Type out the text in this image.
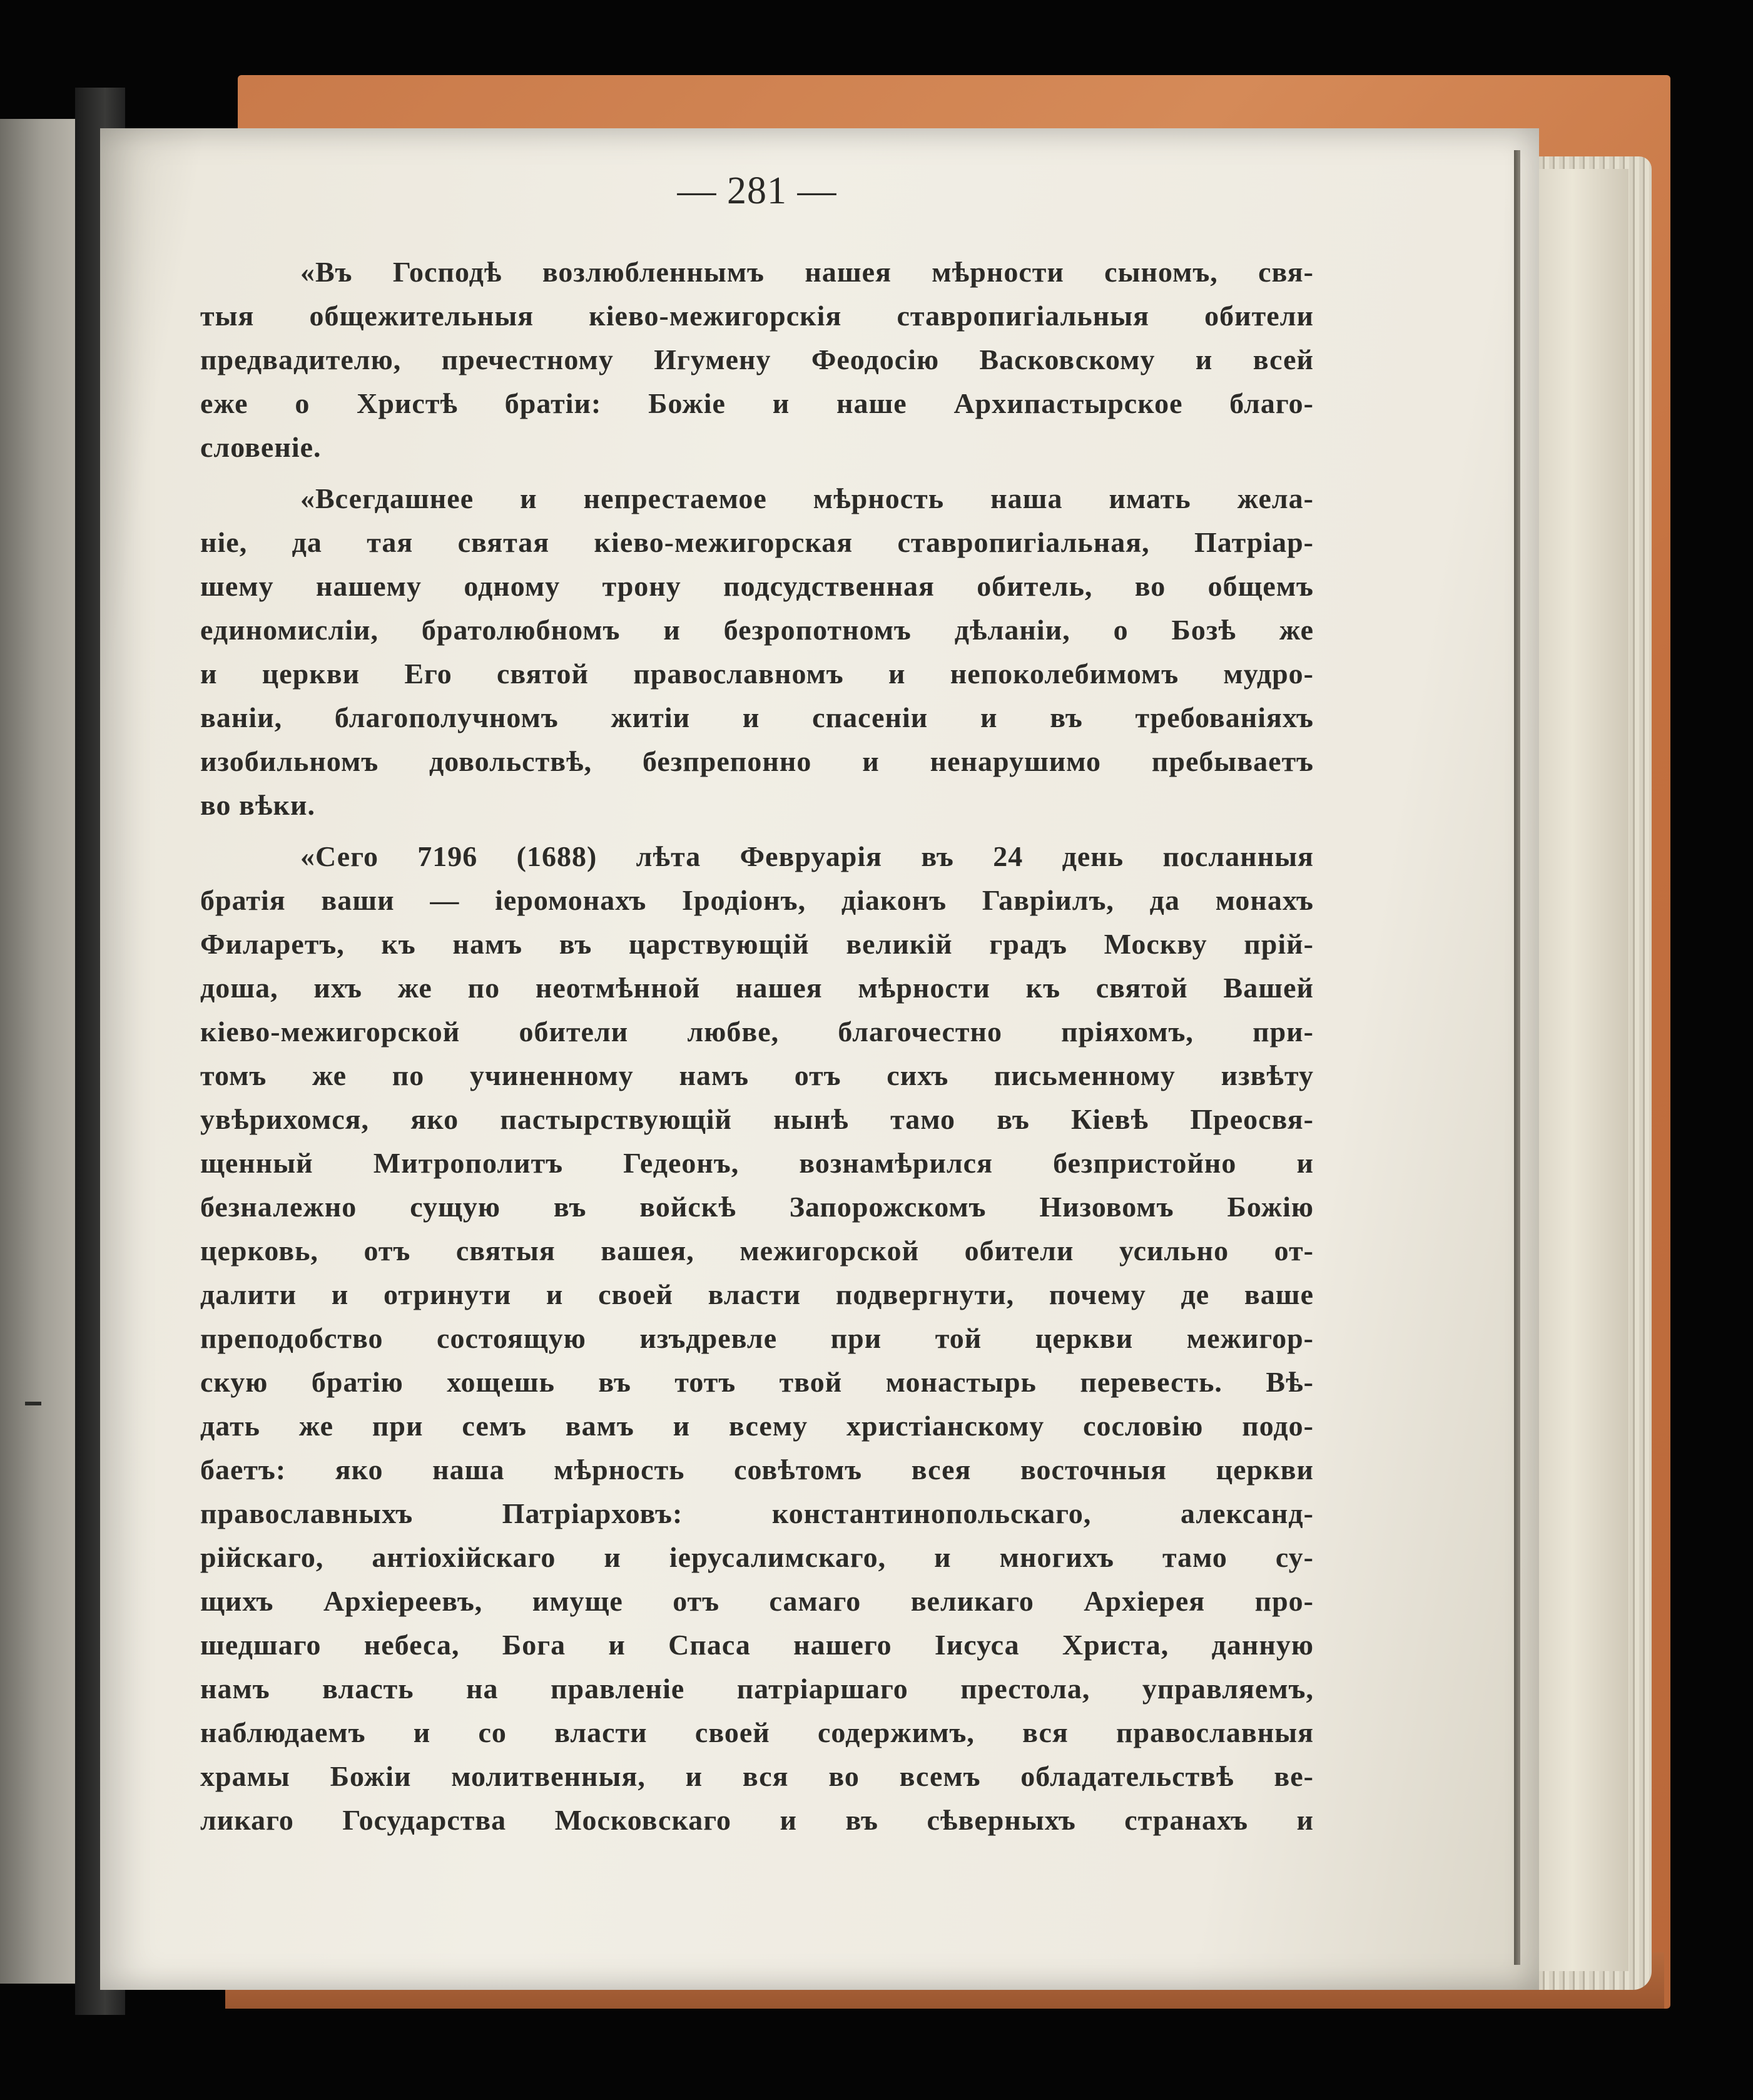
— 281 —
«Въ Господѣ возлюбленнымъ нашея мѣрности сыномъ, свя-
тыя общежительныя кіево-межигорскія ставропигіальныя обители
предвадителю, пречестному Игумену Феодосію Васковскому и всей
еже о Христѣ братіи: Божіе и наше Архипастырское благо-
словеніе.
«Всегдашнее и непрестаемое мѣрность наша имать жела-
ніе, да тая святая кіево-межигорская ставропигіальная, Патріар-
шему нашему одному трону подсудственная обитель, во общемъ
единомисліи, братолюбномъ и безропотномъ дѣланіи, о Бозѣ же
и церкви Его святой православномъ и непоколебимомъ мудро-
ваніи, благополучномъ житіи и спасеніи и въ требованіяхъ
изобильномъ довольствѣ, безпрепонно и ненарушимо пребываетъ
во вѣки.
«Сего 7196 (1688) лѣта Февруарія въ 24 день посланныя
братія ваши — іеромонахъ Іродіонъ, діаконъ Гавріилъ, да монахъ
Филаретъ, къ намъ въ царствующій великій градъ Москву прій-
доша, ихъ же по неотмѣнной нашея мѣрности къ святой Вашей
кіево-межигорской обители любве, благочестно пріяхомъ, при-
томъ же по учиненному намъ отъ сихъ письменному извѣту
увѣрихомся, яко пастырствующій нынѣ тамо въ Кіевѣ Преосвя-
щенный Митрополитъ Гедеонъ, вознамѣрился безпристойно и
безналежно сущую въ войскѣ Запорожскомъ Низовомъ Божію
церковь, отъ святыя вашея, межигорской обители усильно от-
далити и отринути и своей власти подвергнути, почему де ваше
преподобство состоящую изъдревле при той церкви межигор-
скую братію хощешь въ тотъ твой монастырь перевесть. Вѣ-
дать же при семъ вамъ и всему христіанскому сословію подо-
баетъ: яко наша мѣрность совѣтомъ всея восточныя церкви
православныхъ Патріарховъ: константинопольскаго, александ-
рійскаго, антіохійскаго и іерусалимскаго, и многихъ тамо су-
щихъ Архіереевъ, имуще отъ самаго великаго Архіерея про-
шедшаго небеса, Бога и Спаса нашего Іисуса Христа, данную
намъ власть на правленіе патріаршаго престола, управляемъ,
наблюдаемъ и со власти своей содержимъ, вся православныя
храмы Божіи молитвенныя, и вся во всемъ обладательствѣ ве-
ликаго Государства Московскаго и въ сѣверныхъ странахъ и
